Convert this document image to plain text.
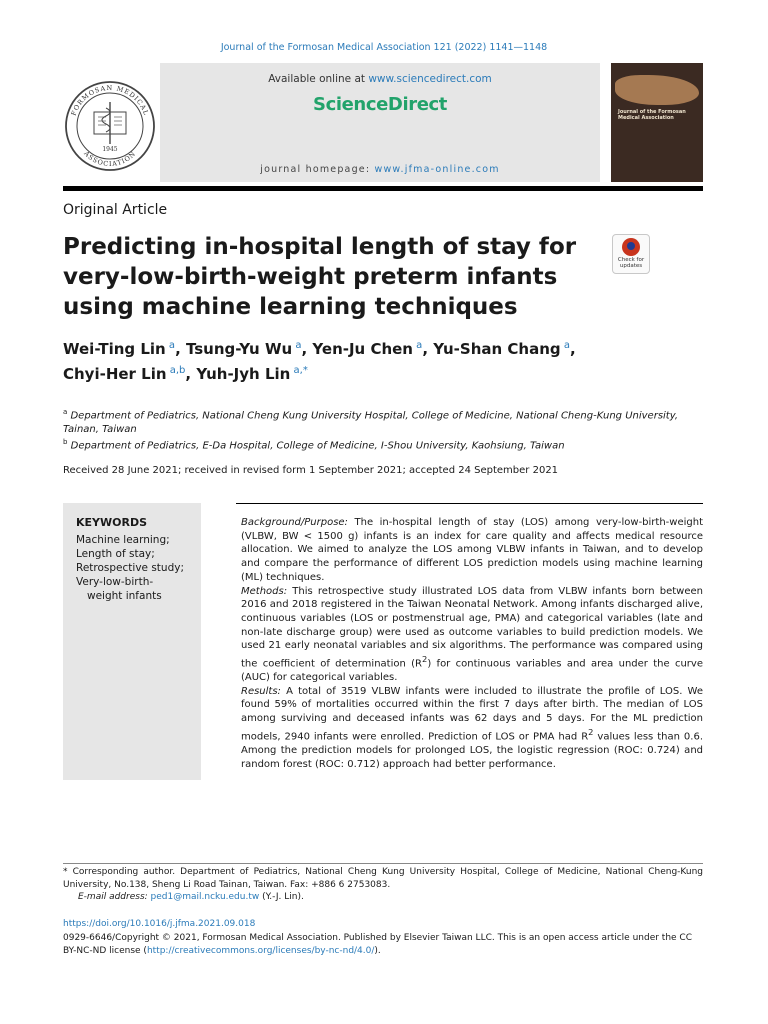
Journal of the Formosan Medical Association 121 (2022) 1141—1148
FORMOSAN MEDICAL
ASSOCIATION
1945
Available online at www.sciencedirect.com
ScienceDirect
journal homepage: www.jfma-online.com
Journal of the Formosan Medical Association
Original Article
Predicting in-hospital length of stay for very-low-birth-weight preterm infants using machine learning techniques
Check for updates
Wei-Ting Lin $^a$, Tsung-Yu Wu $^a$, Yen-Ju Chen $^a$, Yu-Shan Chang $^a$,
Chyi-Her Lin $^{a,b}$, Yuh-Jyh Lin $^{a,*}$
$^a$ Department of Pediatrics, National Cheng Kung University Hospital, College of Medicine, National Cheng-Kung University, Tainan, Taiwan
$^b$ Department of Pediatrics, E-Da Hospital, College of Medicine, I-Shou University, Kaohsiung, Taiwan
Received 28 June 2021; received in revised form 1 September 2021; accepted 24 September 2021
KEYWORDS
Machine learning;
Length of stay;
Retrospective study;
Very-low-birth-
weight infants

Background/Purpose: The in-hospital length of stay (LOS) among very-low-birth-weight (VLBW, BW < 1500 g) infants is an index for care quality and affects medical resource allocation. We aimed to analyze the LOS among VLBW infants in Taiwan, and to develop and compare the performance of different LOS prediction models using machine learning (ML) techniques.

Methods: This retrospective study illustrated LOS data from VLBW infants born between 2016 and 2018 registered in the Taiwan Neonatal Network. Among infants discharged alive, continuous variables (LOS or postmenstrual age, PMA) and categorical variables (late and non-late discharge group) were used as outcome variables to build prediction models. We used 21 early neonatal variables and six algorithms. The performance was compared using the coefficient of determination $(R^2)$ for continuous variables and area under the curve (AUC) for categorical variables.

Results: A total of 3519 VLBW infants were included to illustrate the profile of LOS. We found 59% of mortalities occurred within the first 7 days after birth. The median of LOS among surviving and deceased infants was 62 days and 5 days. For the ML prediction models, 2940 infants were enrolled. Prediction of LOS or PMA had $R^2$ values less than 0.6. Among the prediction models for prolonged LOS, the logistic regression (ROC: 0.724) and random forest (ROC: 0.712) approach had better performance.

* Corresponding author. Department of Pediatrics, National Cheng Kung University Hospital, College of Medicine, National Cheng-Kung University, No.138, Sheng Li Road Tainan, Taiwan. Fax: +886 6 2753083.
E-mail address: ped1@mail.ncku.edu.tw (Y.-J. Lin).
https://doi.org/10.1016/j.jfma.2021.09.018
0929-6646/Copyright © 2021, Formosan Medical Association. Published by Elsevier Taiwan LLC. This is an open access article under the CC BY-NC-ND license (http://creativecommons.org/licenses/by-nc-nd/4.0/).
